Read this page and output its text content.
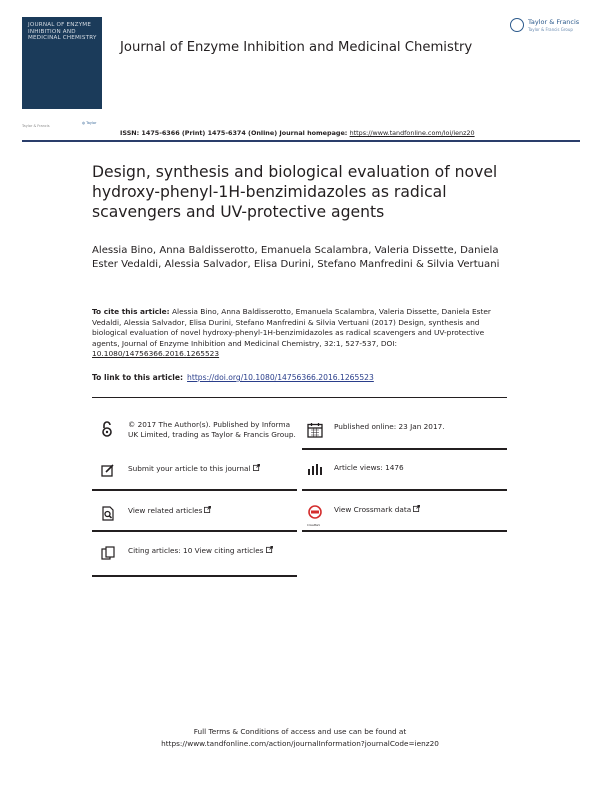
JOURNAL OF ENZYME INHIBITION AND MEDICINAL CHEMISTRY
Taylor & Francis
◍ Taylor
Journal of Enzyme Inhibition and Medicinal Chemistry
Taylor & Francis
Taylor & Francis Group
ISSN: 1475-6366 (Print) 1475-6374 (Online) Journal homepage: https://www.tandfonline.com/loi/ienz20
Design, synthesis and biological evaluation of novel hydroxy-phenyl-1H-benzimidazoles as radical scavengers and UV-protective agents
Alessia Bino, Anna Baldisserotto, Emanuela Scalambra, Valeria Dissette, Daniela Ester Vedaldi, Alessia Salvador, Elisa Durini, Stefano Manfredini & Silvia Vertuani
To cite this article: Alessia Bino, Anna Baldisserotto, Emanuela Scalambra, Valeria Dissette, Daniela Ester Vedaldi, Alessia Salvador, Elisa Durini, Stefano Manfredini & Silvia Vertuani (2017) Design, synthesis and biological evaluation of novel hydroxy-phenyl-1H-benzimidazoles as radical scavengers and UV-protective agents, Journal of Enzyme Inhibition and Medicinal Chemistry, 32:1, 527-537, DOI: 10.1080/14756366.2016.1265523
To link to this article: https://doi.org/10.1080/14756366.2016.1265523
© 2017 The Author(s). Published by Informa UK Limited, trading as Taylor & Francis Group.
Submit your article to this journal
View related articles
Citing articles: 10 View citing articles
Published online: 23 Jan 2017.
Article views: 1476
CrossMark
View Crossmark data
Full Terms & Conditions of access and use can be found at
https://www.tandfonline.com/action/journalInformation?journalCode=ienz20
